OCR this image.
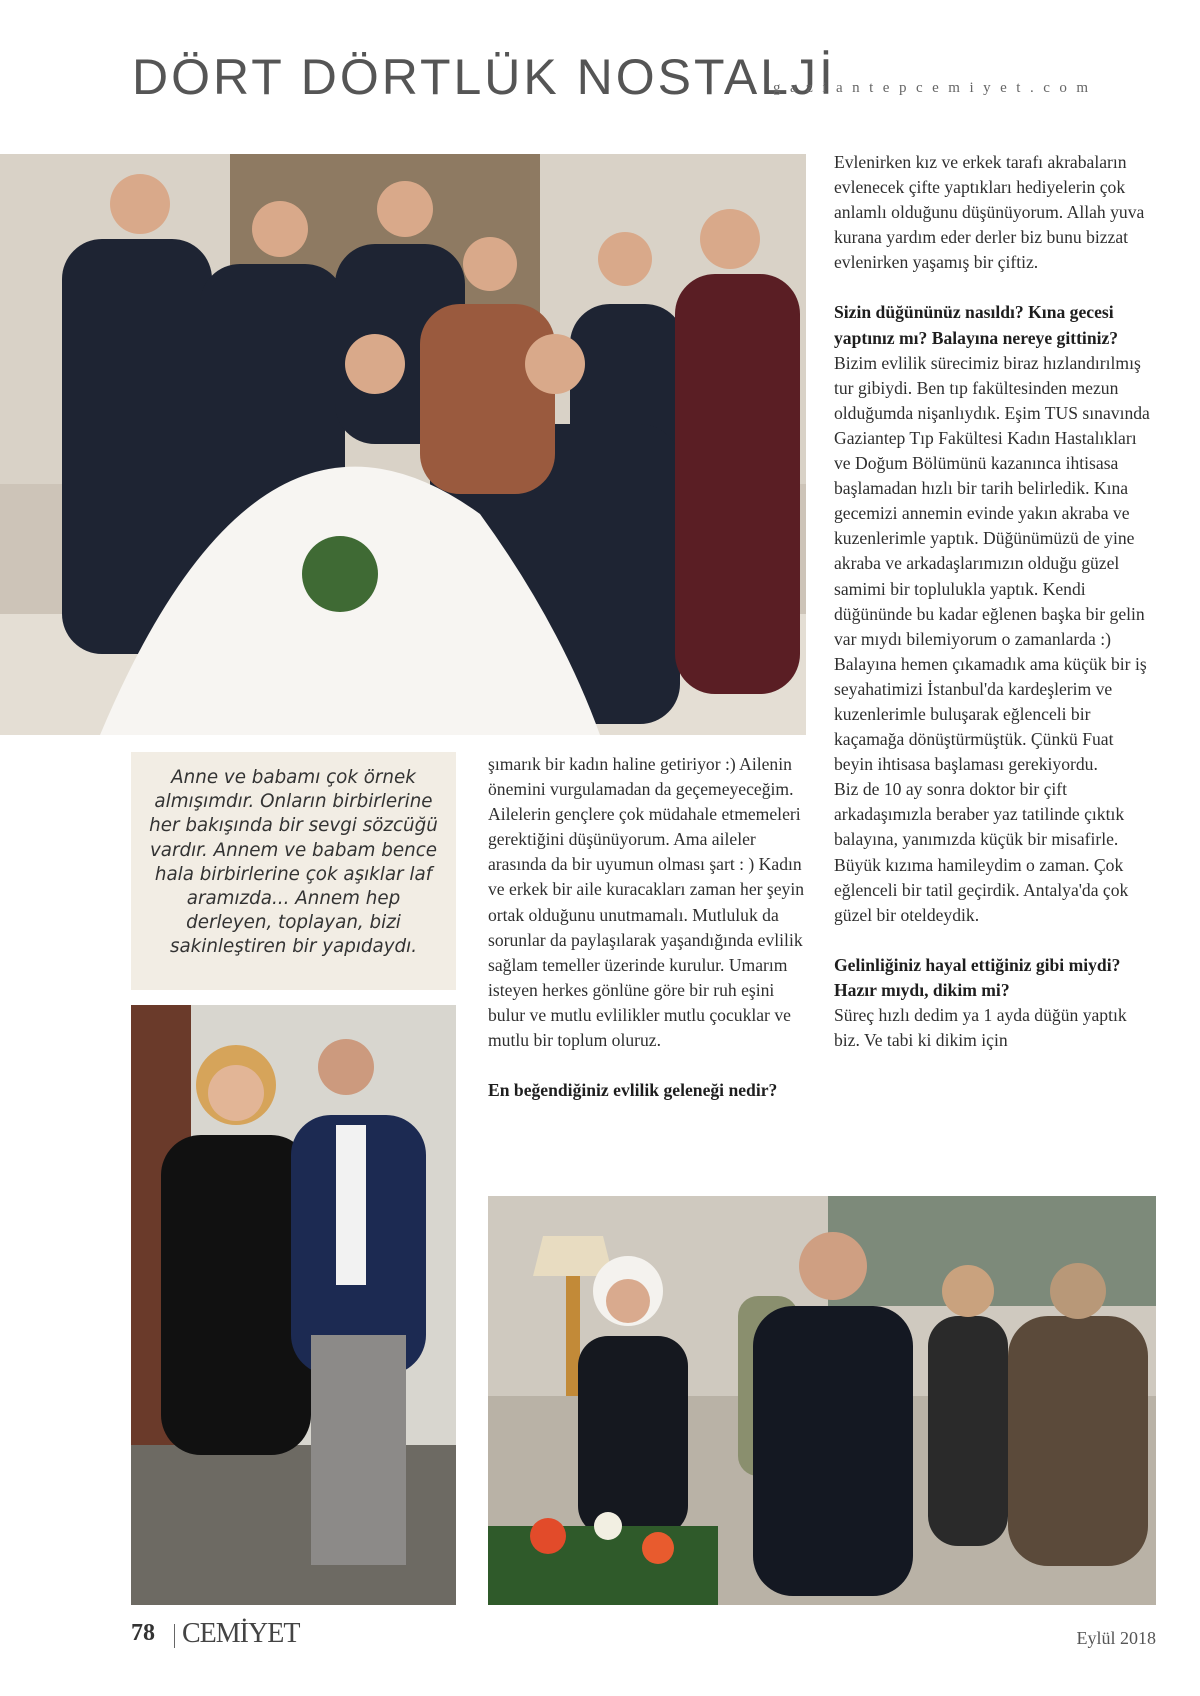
DÖRT DÖRTLÜK NOSTALJİ
gaziantepcemiyet.com

Evlenirken kız ve erkek tarafı akrabaların evlenecek çifte yaptıkları hediyelerin çok anlamlı olduğunu düşünüyorum. Allah yuva kurana yardım eder derler biz bunu bizzat evlenirken yaşamış bir çiftiz.

Sizin düğününüz nasıldı? Kına gecesi yaptınız mı? Balayına nereye gittiniz?

Bizim evlilik sürecimiz biraz hızlandırılmış tur gibiydi. Ben tıp fakültesinden mezun olduğumda nişanlıydık. Eşim TUS sınavında Gaziantep Tıp Fakültesi Kadın Hastalıkları ve Doğum Bölümünü kazanınca ihtisasa başlamadan hızlı bir tarih belirledik. Kına gecemizi annemin evinde yakın akraba ve kuzenlerimle yaptık. Düğünümüzü de yine akraba ve arkadaşlarımızın olduğu güzel samimi bir toplulukla yaptık. Kendi düğününde bu kadar eğlenen başka bir gelin var mıydı bilemiyorum o zamanlarda :) Balayına hemen çıkamadık ama küçük bir iş seyahatimizi İstanbul'da kardeşlerim ve kuzenlerimle buluşarak eğlenceli bir kaçamağa dönüştürmüştük. Çünkü Fuat beyin ihtisasa başlaması gerekiyordu.

Biz de 10 ay sonra doktor bir çift arkadaşımızla beraber yaz tatilinde çıktık balayına, yanımızda küçük bir misafirle. Büyük kızıma hamileydim o zaman. Çok eğlenceli bir tatil geçirdik. Antalya'da çok güzel bir oteldeydik.

Gelinliğiniz hayal ettiğiniz gibi miydi? Hazır mıydı, dikim mi?

Süreç hızlı dedim ya 1 ayda düğün yaptık biz. Ve tabi ki dikim için

Anne ve babamı çok örnek almışımdır. Onların birbirlerine her bakışında bir sevgi sözcüğü vardır. Annem ve babam bence hala birbirlerine çok aşıklar laf aramızda... Annem hep derleyen, toplayan, bizi sakinleştiren bir yapıdaydı.

şımarık bir kadın haline getiriyor :) Ailenin önemini vurgulamadan da geçemeyeceğim. Ailelerin gençlere çok müdahale etmemeleri gerektiğini düşünüyorum. Ama aileler arasında da bir uyumun olması şart : ) Kadın ve erkek bir aile kuracakları zaman her şeyin ortak olduğunu unutmamalı. Mutluluk da sorunlar da paylaşılarak yaşandığında evlilik sağlam temeller üzerinde kurulur. Umarım isteyen herkes gönlüne göre bir ruh eşini bulur ve mutlu evlilikler mutlu çocuklar ve mutlu bir toplum oluruz.

En beğendiğiniz evlilik geleneği nedir?

78 CEMİYET	Eylül 2018
